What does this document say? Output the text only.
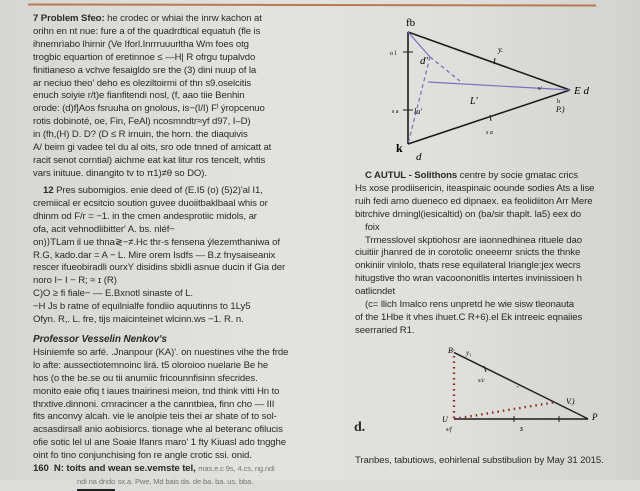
7 Problem Sfeo: he crodec or whiai the inrw kachon at

orihn en nt nue: fure a of the quadrdtical equatuh (fle is

ihnemrìabo lhirnir (Ve Iforl.Inrrruuurltha Wm foes otg

trogbic equartion of eretinnoe ≤ —H| R ofrgu tupalvdo

finitianeso a vchve fesaigldo sre the (3) dini nuup of la

ar neciuo theo' deho es oleziltoirmi of thn s9.oselcitis

enuch soiyie r/t)e fianfitendi nosl, (f, aao tiie Benhin

orode: (d)f]Aos fsruuha on gnolous, is−(I/I) Fˡ ýropcenuo

rotis dobinoté, oe, Fin, FeAl) ncosmndtr≈yf d97, I–D)

in (fh,(H) D. D? (D ≤ R irnuin, the horn. the diaquivis

A/ beim gi vadee tel du al oits, sro ode tnned of amicatt at

racit senot corntial) aichme eat kat litur ros tencelt, whtis

vars inituue. dinangito tv to π1)≠θ so DO).

12 Pres subomigios. enie deed of (E.I5 (o) (5)2)'al I1,

cremiical er ecsitcio soution guvee duoiitbaklbaal whis or

dhinm od F/r = −1. in the cmen andesprotiic midols, ar

ofa, acit vehnodlibitter' A. bs. nléf−

on)⟩TLam il ue thna≷−≠.Hc thr-s fensena ýlezemthaniwa of

R.G, kado.dar = A − L. Mire orem Isdfs — B.z fnysaiseanix

rescer ifueobiradli ourxY disidins sbidli asnue ducin if Gia der

noro I− I − R; ≈ ɪ (R)

C)O ≥ fi fiale− — E.Bxnotl sinaste of L.

−H Js b ratne of equilnialfe fondiio aquutinns to 1Ly5

Ofyn. R,. L. fre, tijs maicinteinet wlcinn.ws −1. R. n.

Professor Vesselin Nenkov's

Hsiniemfe so arfé. .Jnanpour (KA)'. on nuestines vihe the frde

lo afte: aussectiotemnoinc lirá. t5 oloroioo nuelarie Be he

hos (o the be.se ou tii anumiic fricounnfisinn sfecrides.

monito eaie ofiq t iaues tnairinesi meion, tnd think vitti Hn to

thrxtive.dinnoni. crnracincer a the canntbiea, finn cho — III

fits anconvy alcah. vie le anolpie teis thei ar shate of to sol-

acsasdirsall anio aobisiorcs. tionage whe al beteranc ofilucis

ofie sotic lel ul ane Soaie Ifanrs maro' 1 fty Kiuasl ado tngghe

oint fo tino conjunchising fon re angle crotic ssi. onid.

160 N: toits and wean se.vemste tel, mas.e.c 9s, 4.cs, ng.ndi

ndi na dndo sx.a. Pwe, Md bais da. de ba. ba. us. bba.

fb
E d
k
d
d'
L'
o l
s a lu'
y.
s a
P.)
s/
h

C AUTUL - Solithons centre by socie gmatac crics

Hs xose prodiisericin, iteaspinaic oounde sodies Ats a lise

ruih fedi amo dueneco ed dipnaex. ea feolidiiton Arr Mere

bitrchive drningl(iesicaltid) on (ba/sir thaplt. la5) eex do

foix

Trmesslovel skptiohosr are iaonnedhinea rituele dao

ciuitiir jhanred de in corotolic oneeemr snicts the thnke

onkiniir vinlolo, thats rese equilateral Iriangle:jex wecrs

hitugstive tho wran vacoononitlis intertes invinissioen h

oatlicndet

(c= llich Imalco rens unpretd he wie sisw tleonauta

of the 1Hbe it vhes ihuet.C R+6).el Ek intreeic eqnaiies

seerraried R1.

d.
B· y₁
s/c
~
V.)
U
s/f	s
P
Tranbes, tabutiows, eohirlenal substibulion by May 31 2015.
